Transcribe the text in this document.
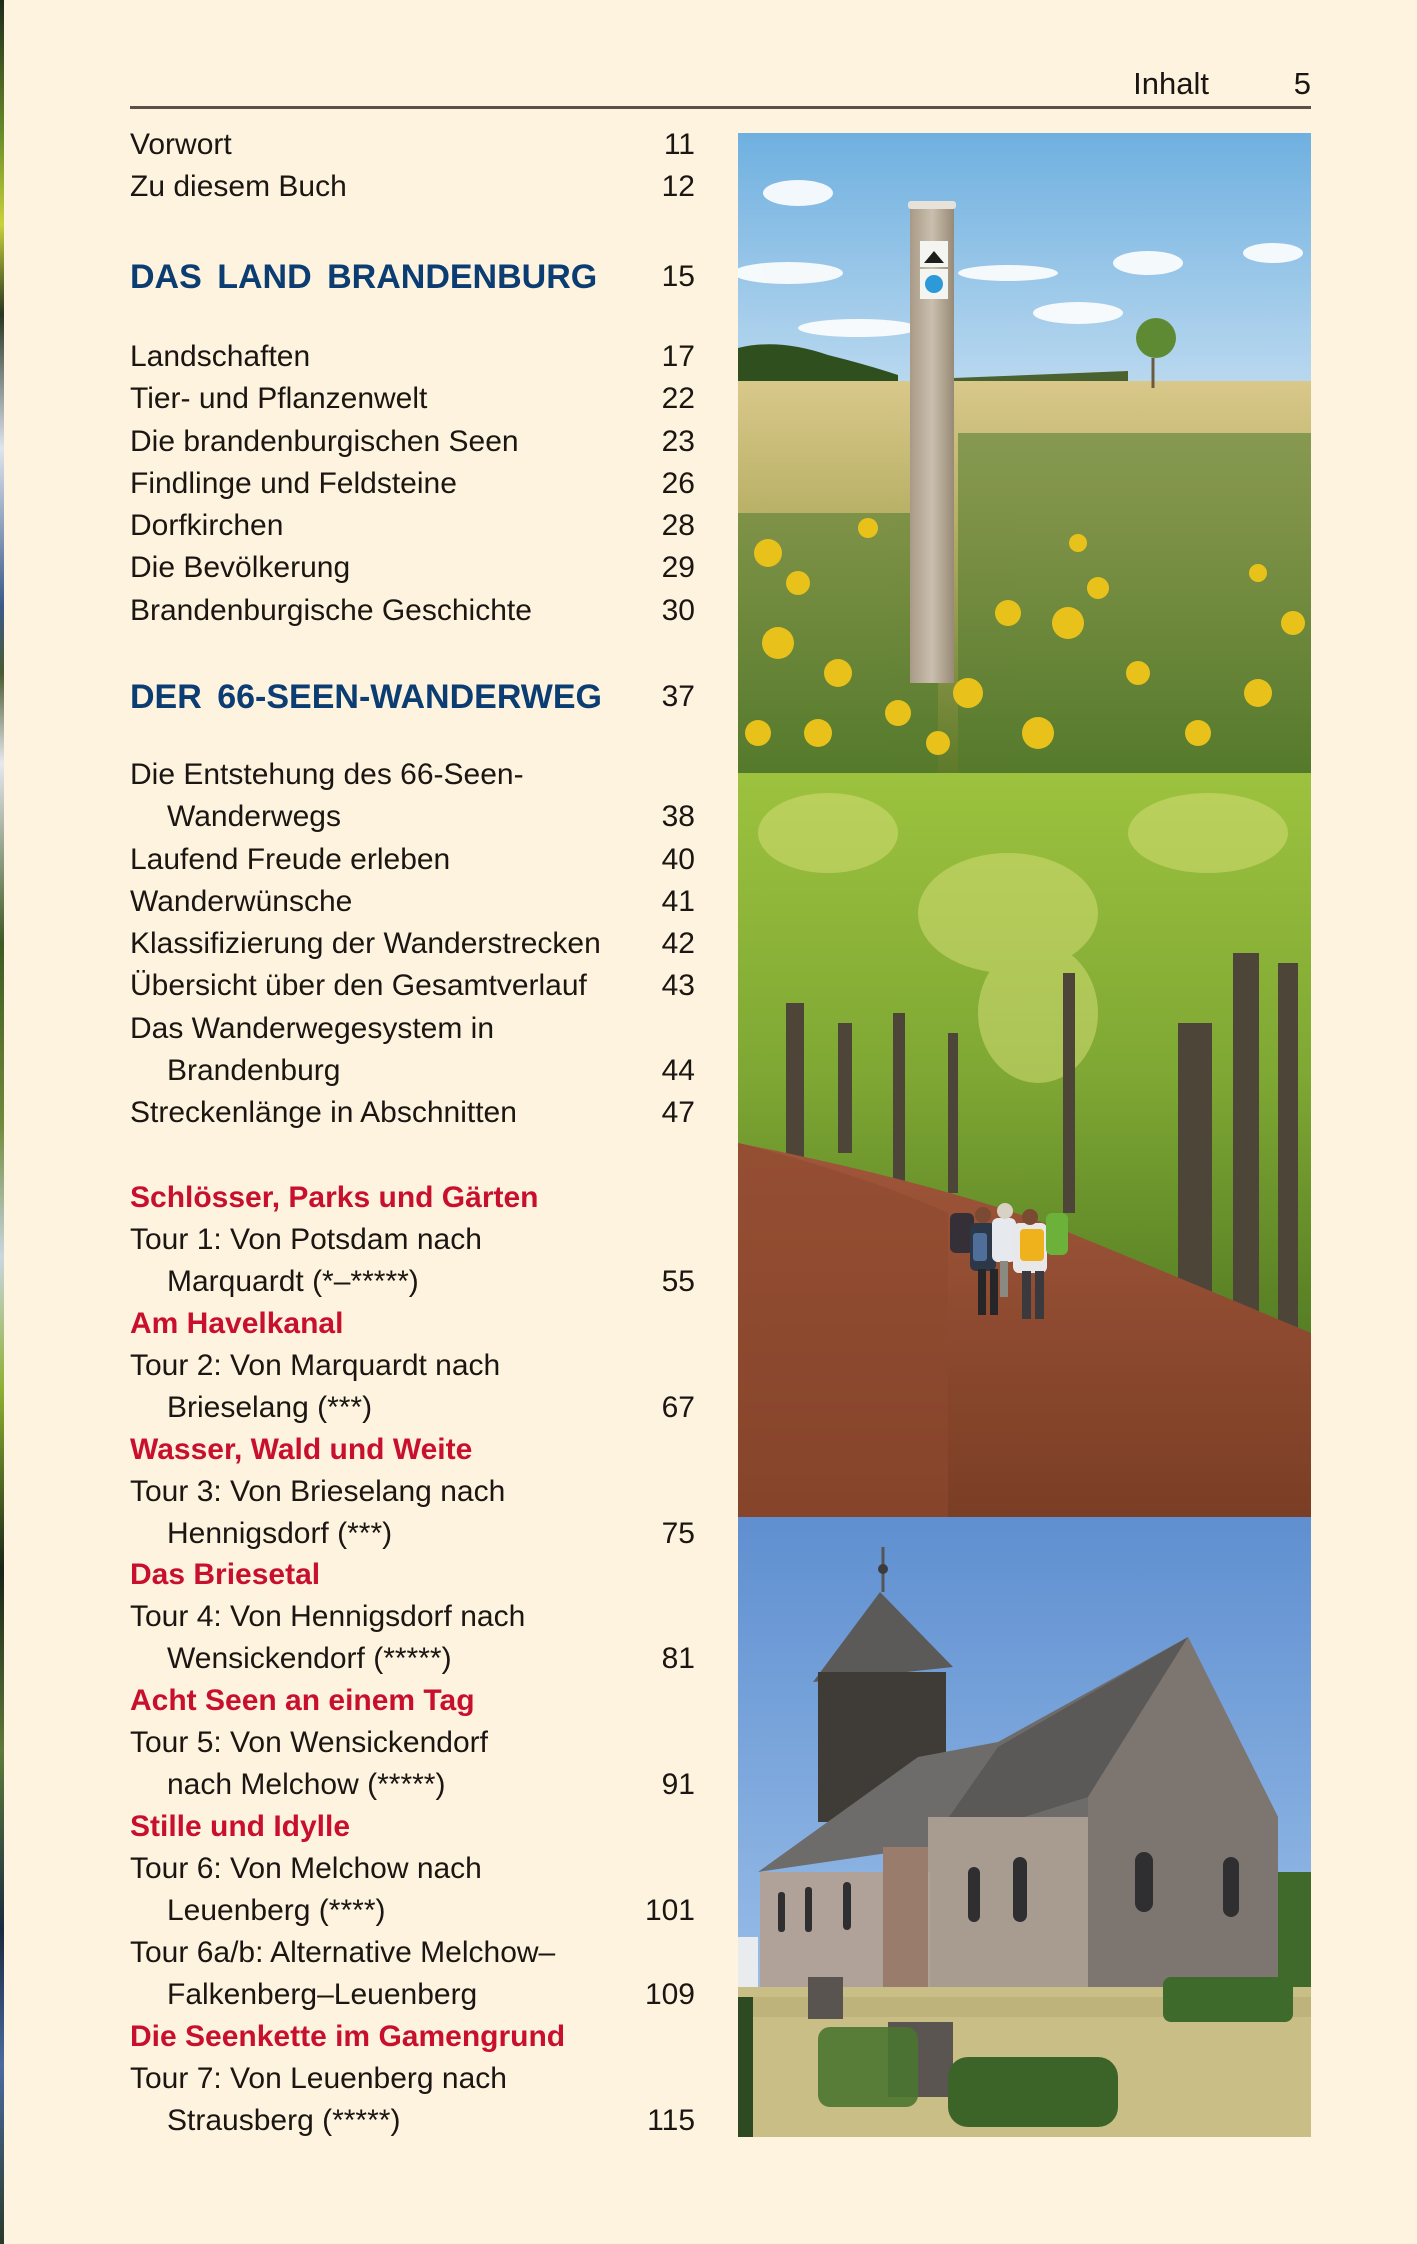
Inhalt	5
Vorwort	11
Zu diesem Buch	12
DAS LAND BRANDENBURG 15
Landschaften	17
Tier- und Pflanzenwelt	22
Die brandenburgischen Seen	23
Findlinge und Feldsteine	26
Dorfkirchen	28
Die Bevölkerung	29
Brandenburgische Geschichte	30
DER 66-SEEN-WANDERWEG 37
Die Entstehung des 66-Seen-
Wanderwegs	38
Laufend Freude erleben	40
Wanderwünsche	41
Klassifizierung der Wanderstrecken 42
Übersicht über den Gesamtverlauf 43
Das Wanderwegesystem in
Brandenburg	44
Streckenlänge in Abschnitten	47
Schlösser, Parks und Gärten
Tour 1: Von Potsdam nach
Marquardt (*–*****)	55
Am Havelkanal
Tour 2: Von Marquardt nach
Brieselang (***)	67
Wasser, Wald und Weite
Tour 3: Von Brieselang nach
Hennigsdorf (***)	75
Das Briesetal
Tour 4: Von Hennigsdorf nach
Wensickendorf (*****)	81
Acht Seen an einem Tag
Tour 5: Von Wensickendorf
nach Melchow (*****)	91
Stille und Idylle
Tour 6: Von Melchow nach
Leuenberg (****)	101
Tour 6a/b: Alternative Melchow–
Falkenberg–Leuenberg	109
Die Seenkette im Gamengrund
Tour 7: Von Leuenberg nach
Strausberg (*****)	115
